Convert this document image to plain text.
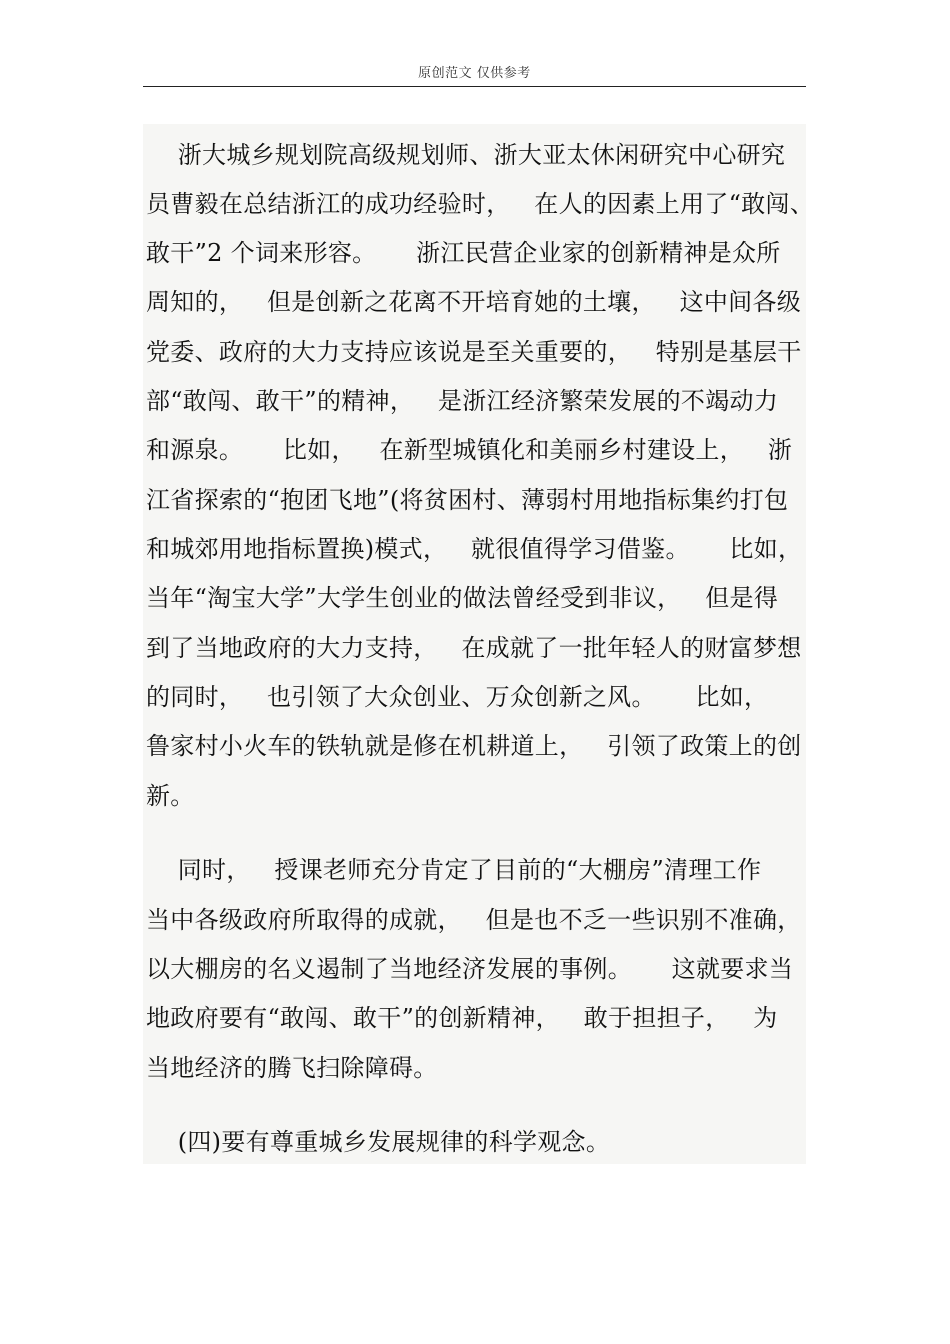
原创范文 仅供参考
浙大城乡规划院高级规划师、浙大亚太休闲研究中心研究
员曹毅在总结浙江的成功经验时，   在人的因素上用了“敢闯、
敢干”2 个词来形容。     浙江民营企业家的创新精神是众所
周知的，   但是创新之花离不开培育她的土壤，   这中间各级
党委、政府的大力支持应该说是至关重要的，   特别是基层干
部“敢闯、敢干”的精神，   是浙江经济繁荣发展的不竭动力
和源泉。     比如，   在新型城镇化和美丽乡村建设上，   浙
江省探索的“抱团飞地”(将贫困村、薄弱村用地指标集约打包
和城郊用地指标置换)模式，   就很值得学习借鉴。     比如，
当年“淘宝大学”大学生创业的做法曾经受到非议，   但是得
到了当地政府的大力支持，   在成就了一批年轻人的财富梦想
的同时，   也引领了大众创业、万众创新之风。     比如，
鲁家村小火车的铁轨就是修在机耕道上，   引领了政策上的创
新。
同时，   授课老师充分肯定了目前的“大棚房”清理工作
当中各级政府所取得的成就，   但是也不乏一些识别不准确，
以大棚房的名义遏制了当地经济发展的事例。     这就要求当
地政府要有“敢闯、敢干”的创新精神，   敢于担担子，   为
当地经济的腾飞扫除障碍。
(四)要有尊重城乡发展规律的科学观念。
